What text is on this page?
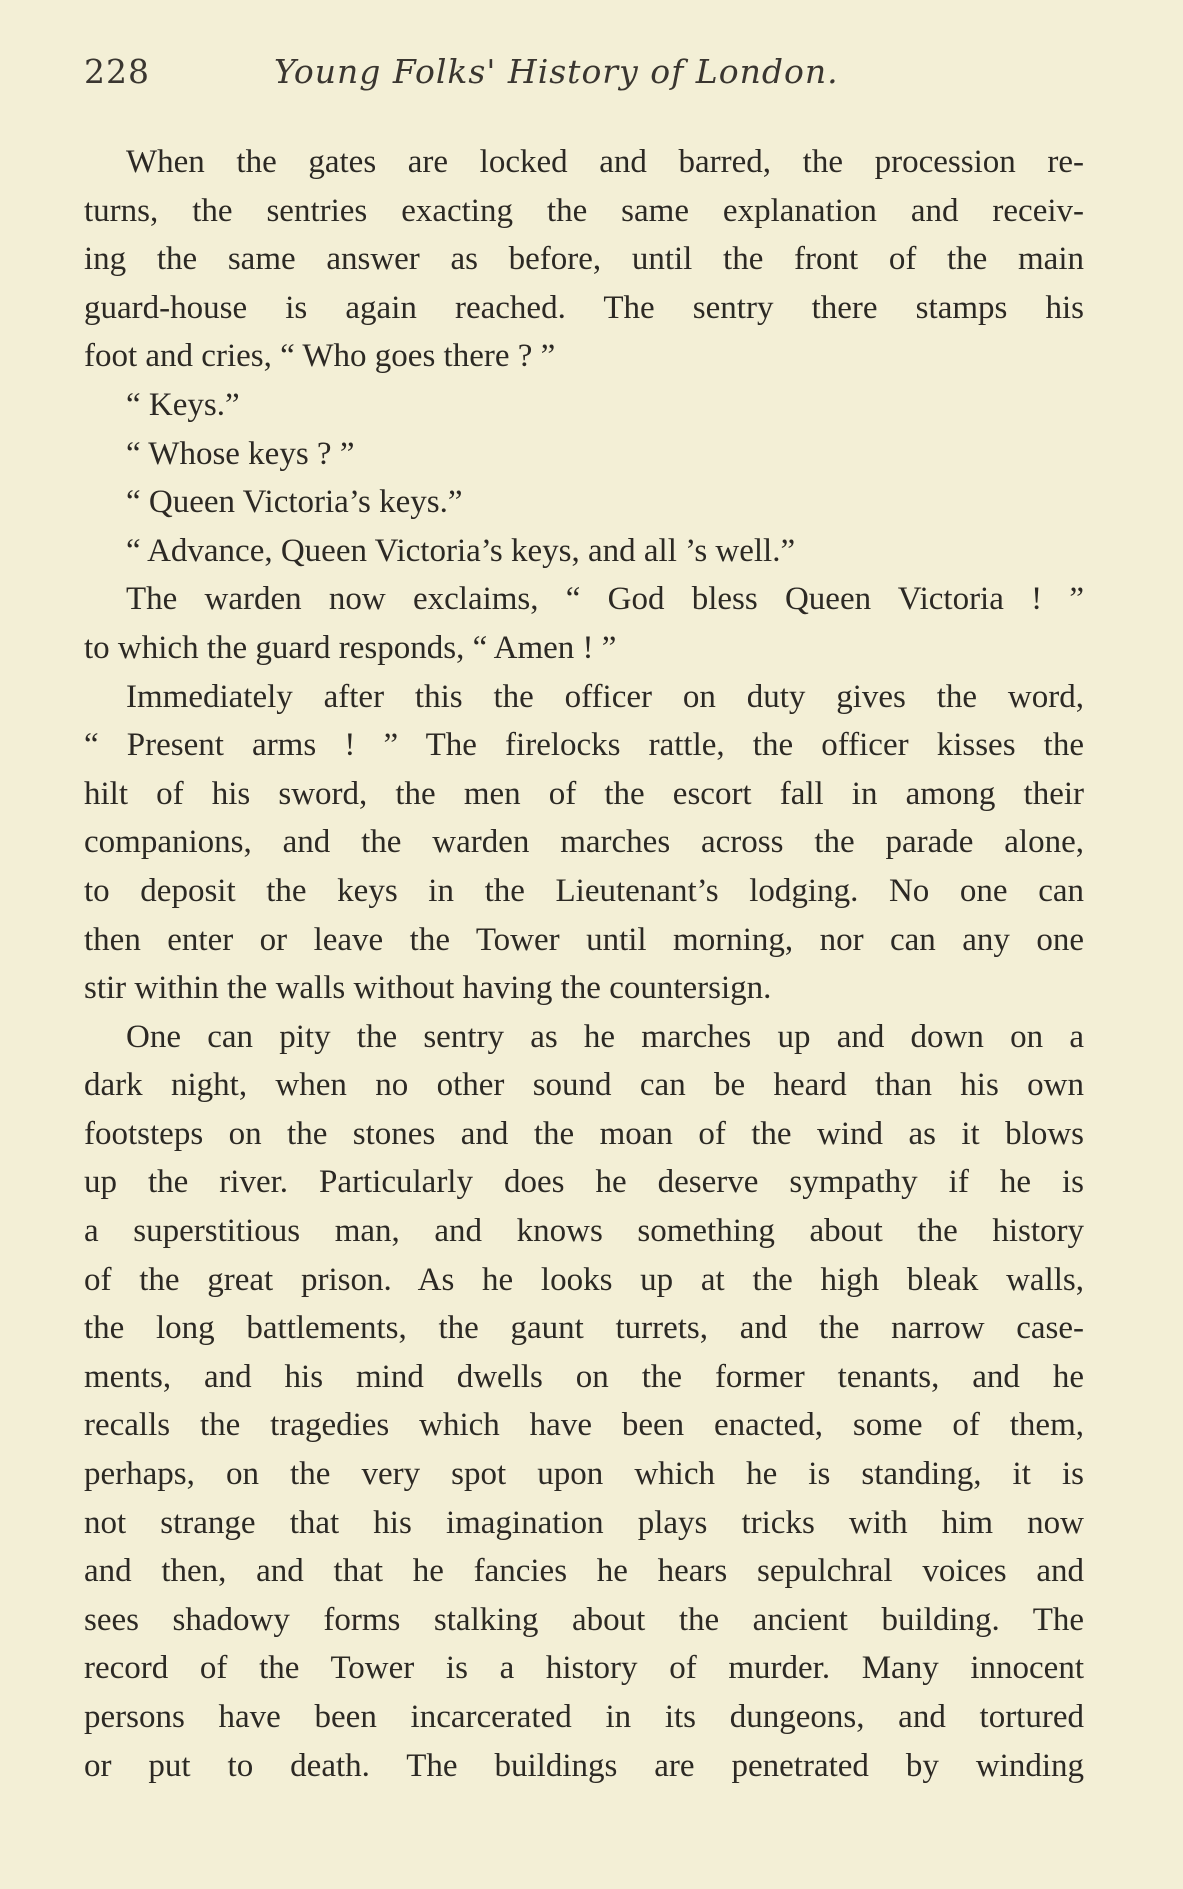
228	Young Folks' History of London.
When the gates are locked and barred, the procession re-
turns, the sentries exacting the same explanation and receiv-
ing the same answer as before, until the front of the main
guard-house is again reached. The sentry there stamps his
foot and cries, “ Who goes there ? ”
“ Keys.”
“ Whose keys ? ”
“ Queen Victoria’s keys.”
“ Advance, Queen Victoria’s keys, and all ’s well.”
The warden now exclaims, “ God bless Queen Victoria ! ”
to which the guard responds, “ Amen ! ”
Immediately after this the officer on duty gives the word,
“ Present arms ! ” The firelocks rattle, the officer kisses the
hilt of his sword, the men of the escort fall in among their
companions, and the warden marches across the parade alone,
to deposit the keys in the Lieutenant’s lodging. No one can
then enter or leave the Tower until morning, nor can any one
stir within the walls without having the countersign.
One can pity the sentry as he marches up and down on a
dark night, when no other sound can be heard than his own
footsteps on the stones and the moan of the wind as it blows
up the river. Particularly does he deserve sympathy if he is
a superstitious man, and knows something about the history
of the great prison. As he looks up at the high bleak walls,
the long battlements, the gaunt turrets, and the narrow case-
ments, and his mind dwells on the former tenants, and he
recalls the tragedies which have been enacted, some of them,
perhaps, on the very spot upon which he is standing, it is
not strange that his imagination plays tricks with him now
and then, and that he fancies he hears sepulchral voices and
sees shadowy forms stalking about the ancient building. The
record of the Tower is a history of murder. Many innocent
persons have been incarcerated in its dungeons, and tortured
or put to death. The buildings are penetrated by winding
